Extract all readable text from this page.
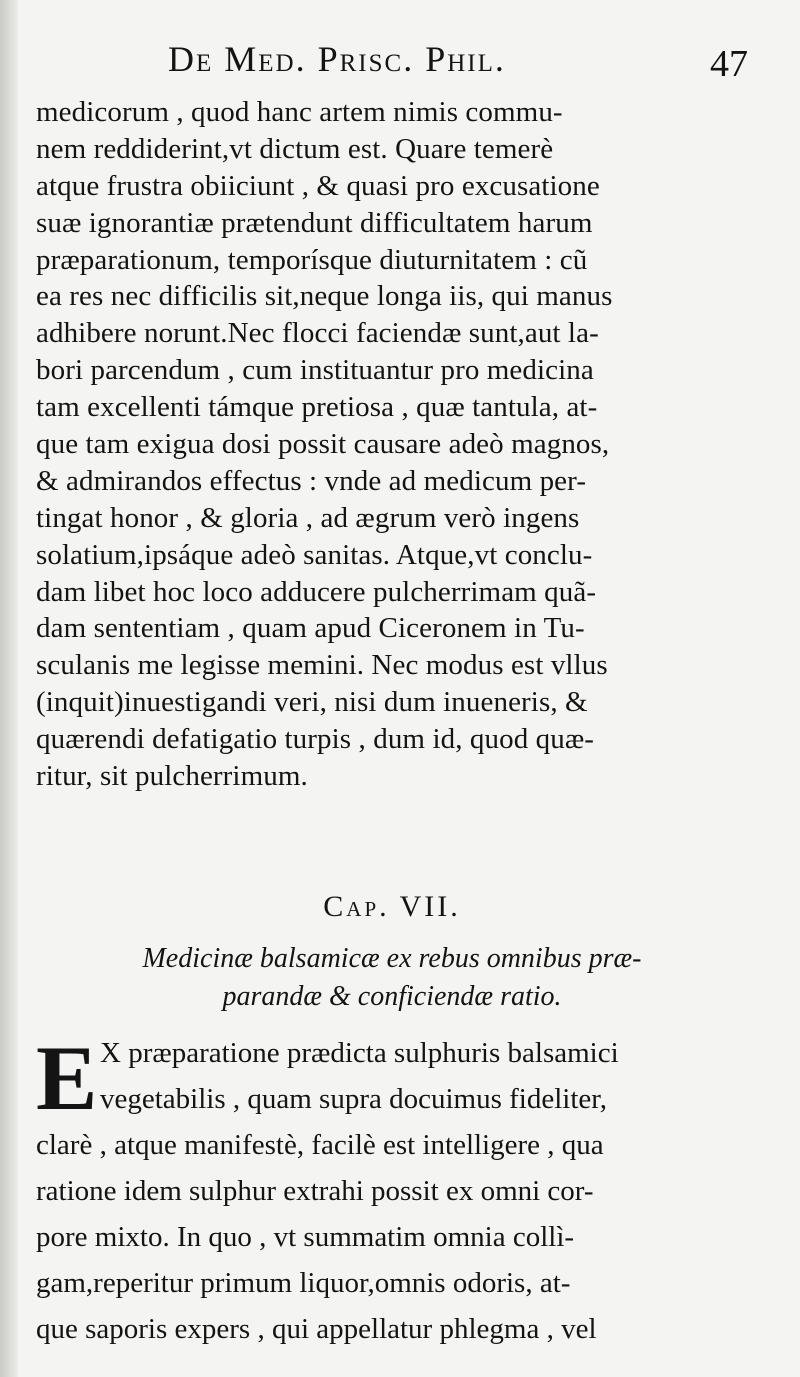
De Med. Prisc. Phil.	47
medicorum , quod hanc artem nimis commu-
nem reddiderint,vt dictum est. Quare temerè
atque frustra obiiciunt , & quasi pro excusatione
suæ ignorantiæ prætendunt difficultatem harum
præparationum, temporísque diuturnitatem : cũ
ea res nec difficilis sit,neque longa iis, qui manus
adhibere norunt.Nec flocci faciendæ sunt,aut la-
bori parcendum , cum instituantur pro medicina
tam excellenti támque pretiosa , quæ tantula, at-
que tam exigua dosi possit causare adeò magnos,
& admirandos effectus : vnde ad medicum per-
tingat honor , & gloria , ad ægrum verò ingens
solatium,ipsáque adeò sanitas. Atque,vt conclu-
dam libet hoc loco adducere pulcherrimam quã-
dam sententiam , quam apud Ciceronem in Tu-
sculanis me legisse memini. Nec modus est vllus
(inquit)inuestigandi veri, nisi dum inueneris, &
quærendi defatigatio turpis , dum id, quod quæ-
ritur, sit pulcherrimum.
Cap. VII.
Medicinæ balsamicæ ex rebus omnibus præ-
parandæ & conficiendæ ratio.
E X præparatione prædicta sulphuris balsamici
vegetabilis , quam supra docuimus fideliter,
clarè , atque manifestè, facilè est intelligere , qua
ratione idem sulphur extrahi possit ex omni cor-
pore mixto. In quo , vt summatim omnia collì-
gam,reperitur primum liquor,omnis odoris, at-
que saporis expers , qui appellatur phlegma , vel
